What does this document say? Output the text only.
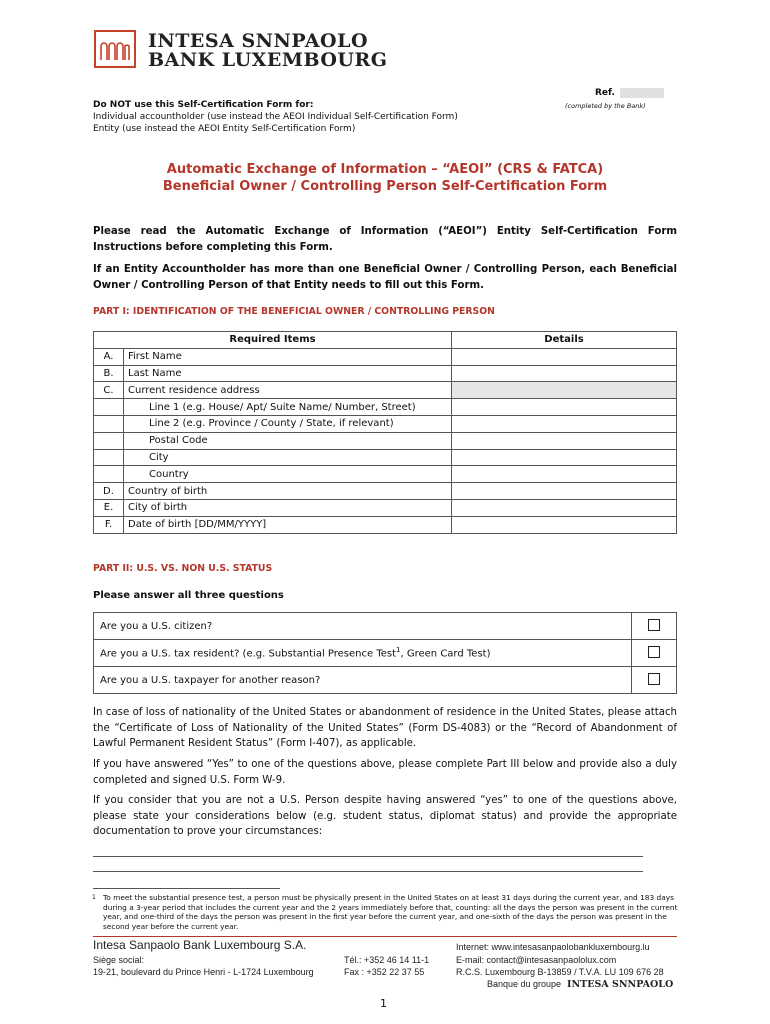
INTESA SNNPAOLO
BANK LUXEMBOURG
Ref.
(completed by the Bank)
Do NOT use this Self-Certification Form for:
Individual accountholder (use instead the AEOI Individual Self-Certification Form)
Entity (use instead the AEOI Entity Self-Certification Form)
Automatic Exchange of Information – “AEOI” (CRS & FATCA)
Beneficial Owner / Controlling Person Self-Certification Form
Please read the Automatic Exchange of Information (“AEOI”) Entity Self-Certification Form Instructions before completing this Form.
If an Entity Accountholder has more than one Beneficial Owner / Controlling Person, each Beneficial Owner / Controlling Person of that Entity needs to fill out this Form.
PART I: IDENTIFICATION OF THE BENEFICIAL OWNER / CONTROLLING PERSON
Required Items		Details
A.	First Name	
B.	Last Name	
C.	Current residence address	
	Line 1 (e.g. House/ Apt/ Suite Name/ Number, Street)	
	Line 2 (e.g. Province / County / State, if relevant)	
	Postal Code	
	City	
	Country	
D.	Country of birth	
E.	City of birth	
F.	Date of birth [DD/MM/YYYY]	
PART II: U.S. VS. NON U.S. STATUS
Please answer all three questions
Are you a U.S. citizen?	
Are you a U.S. tax resident? (e.g. Substantial Presence Test$^1$, Green Card Test)	
Are you a U.S. taxpayer for another reason?	
In case of loss of nationality of the United States or abandonment of residence in the United States, please attach the “Certificate of Loss of Nationality of the United States” (Form DS-4083) or the “Record of Abandonment of Lawful Permanent Resident Status” (Form I-407), as applicable.
If you have answered “Yes” to one of the questions above, please complete Part III below and provide also a duly completed and signed U.S. Form W-9.
If you consider that you are not a U.S. Person despite having answered “yes” to one of the questions above, please state your considerations below (e.g. student status, diplomat status) and provide the appropriate documentation to prove your circumstances:
1 To meet the substantial presence test, a person must be physically present in the United States on at least 31 days during the current year, and 183 days during a 3-year period that includes the current year and the 2 years immediately before that, counting: all the days the person was present in the current year, and one-third of the days the person was present in the first year before the current year, and one-sixth of the days the person was present in the second year before the current year.
Intesa Sanpaolo Bank Luxembourg S.A.
Siège social:
19-21, boulevard du Prince Henri - L-1724 Luxembourg
Tél.: +352 46 14 11-1
Fax : +352 22 37 55
Internet: www.intesasanpaolobankluxembourg.lu
E-mail: contact@intesasanpaololux.com
R.C.S. Luxembourg B-13859 / T.V.A. LU 109 676 28
Banque du groupe INTESA SNNPAOLO
1
